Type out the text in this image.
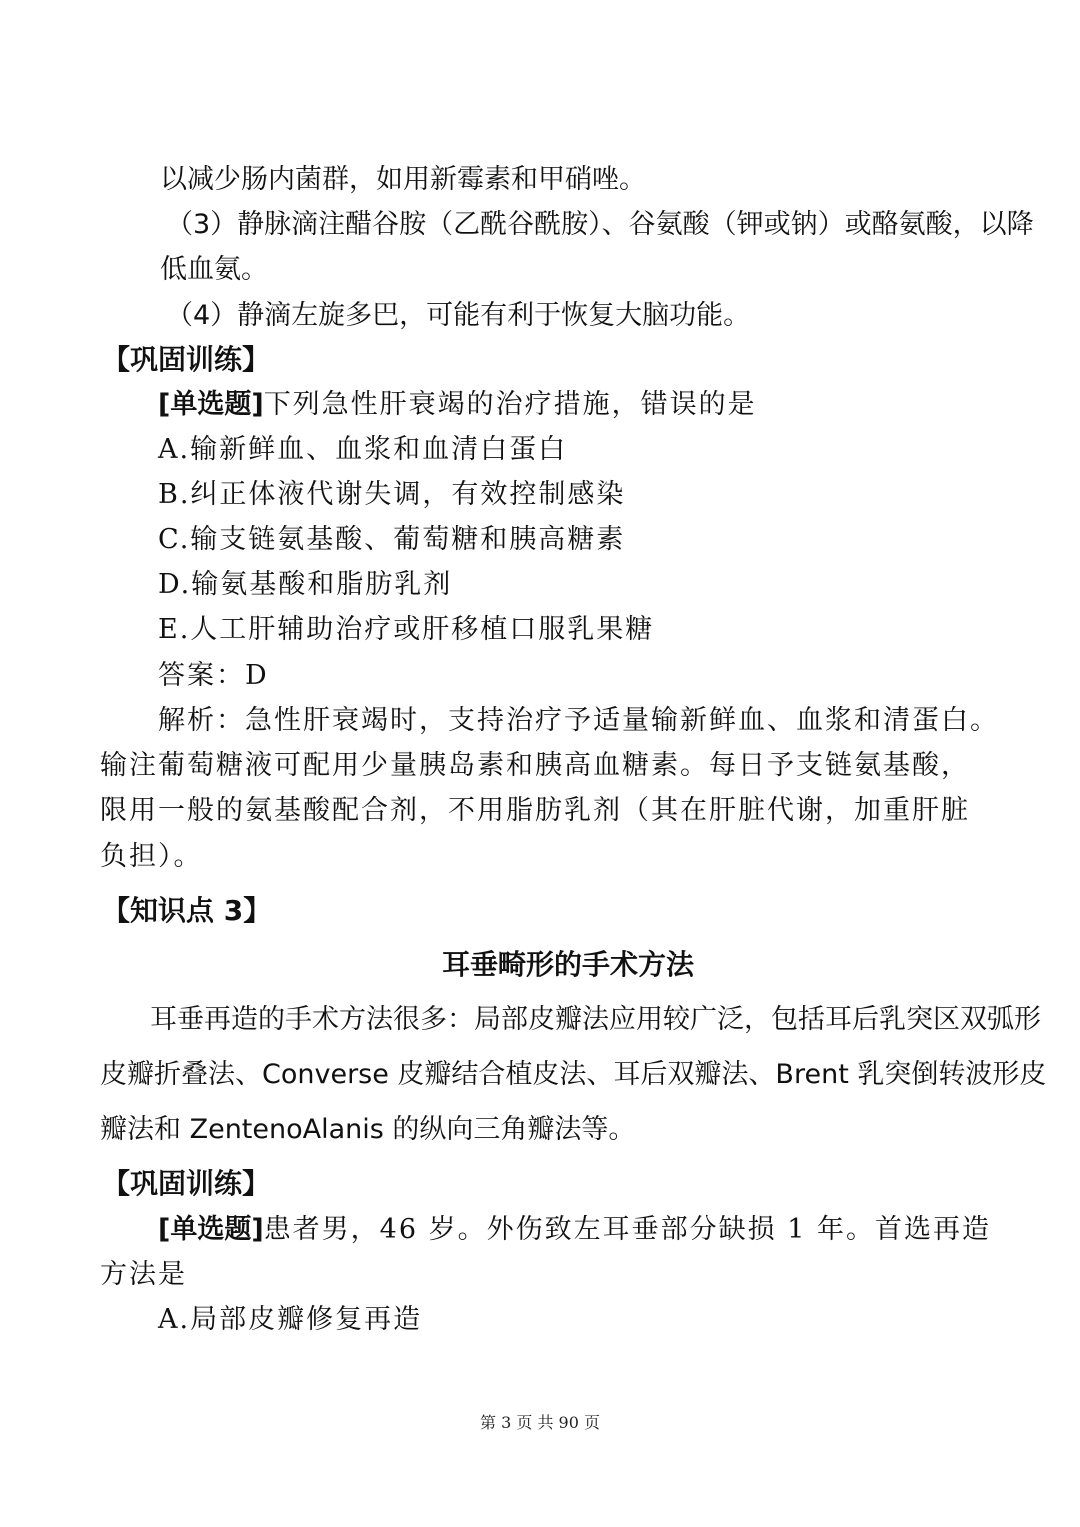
以减少肠内菌群，如用新霉素和甲硝唑。
（3）静脉滴注醋谷胺（乙酰谷酰胺）、谷氨酸（钾或钠）或酪氨酸，以降
低血氨。
（4）静滴左旋多巴，可能有利于恢复大脑功能。
【巩固训练】
[单选题]下列急性肝衰竭的治疗措施，错误的是
A.输新鲜血、血浆和血清白蛋白
B.纠正体液代谢失调，有效控制感染
C.输支链氨基酸、葡萄糖和胰高糖素
D.输氨基酸和脂肪乳剂
E.人工肝辅助治疗或肝移植口服乳果糖
答案：D
解析：急性肝衰竭时，支持治疗予适量输新鲜血、血浆和清蛋白。
输注葡萄糖液可配用少量胰岛素和胰高血糖素。每日予支链氨基酸，
限用一般的氨基酸配合剂，不用脂肪乳剂（其在肝脏代谢，加重肝脏
负担）。
【知识点 3】
耳垂畸形的手术方法
耳垂再造的手术方法很多：局部皮瓣法应用较广泛，包括耳后乳突区双弧形
皮瓣折叠法、Converse 皮瓣结合植皮法、耳后双瓣法、Brent 乳突倒转波形皮
瓣法和 ZentenoAlanis 的纵向三角瓣法等。
【巩固训练】
[单选题]患者男，46 岁。外伤致左耳垂部分缺损 1 年。首选再造
方法是
A.局部皮瓣修复再造
第 3 页 共 90 页
